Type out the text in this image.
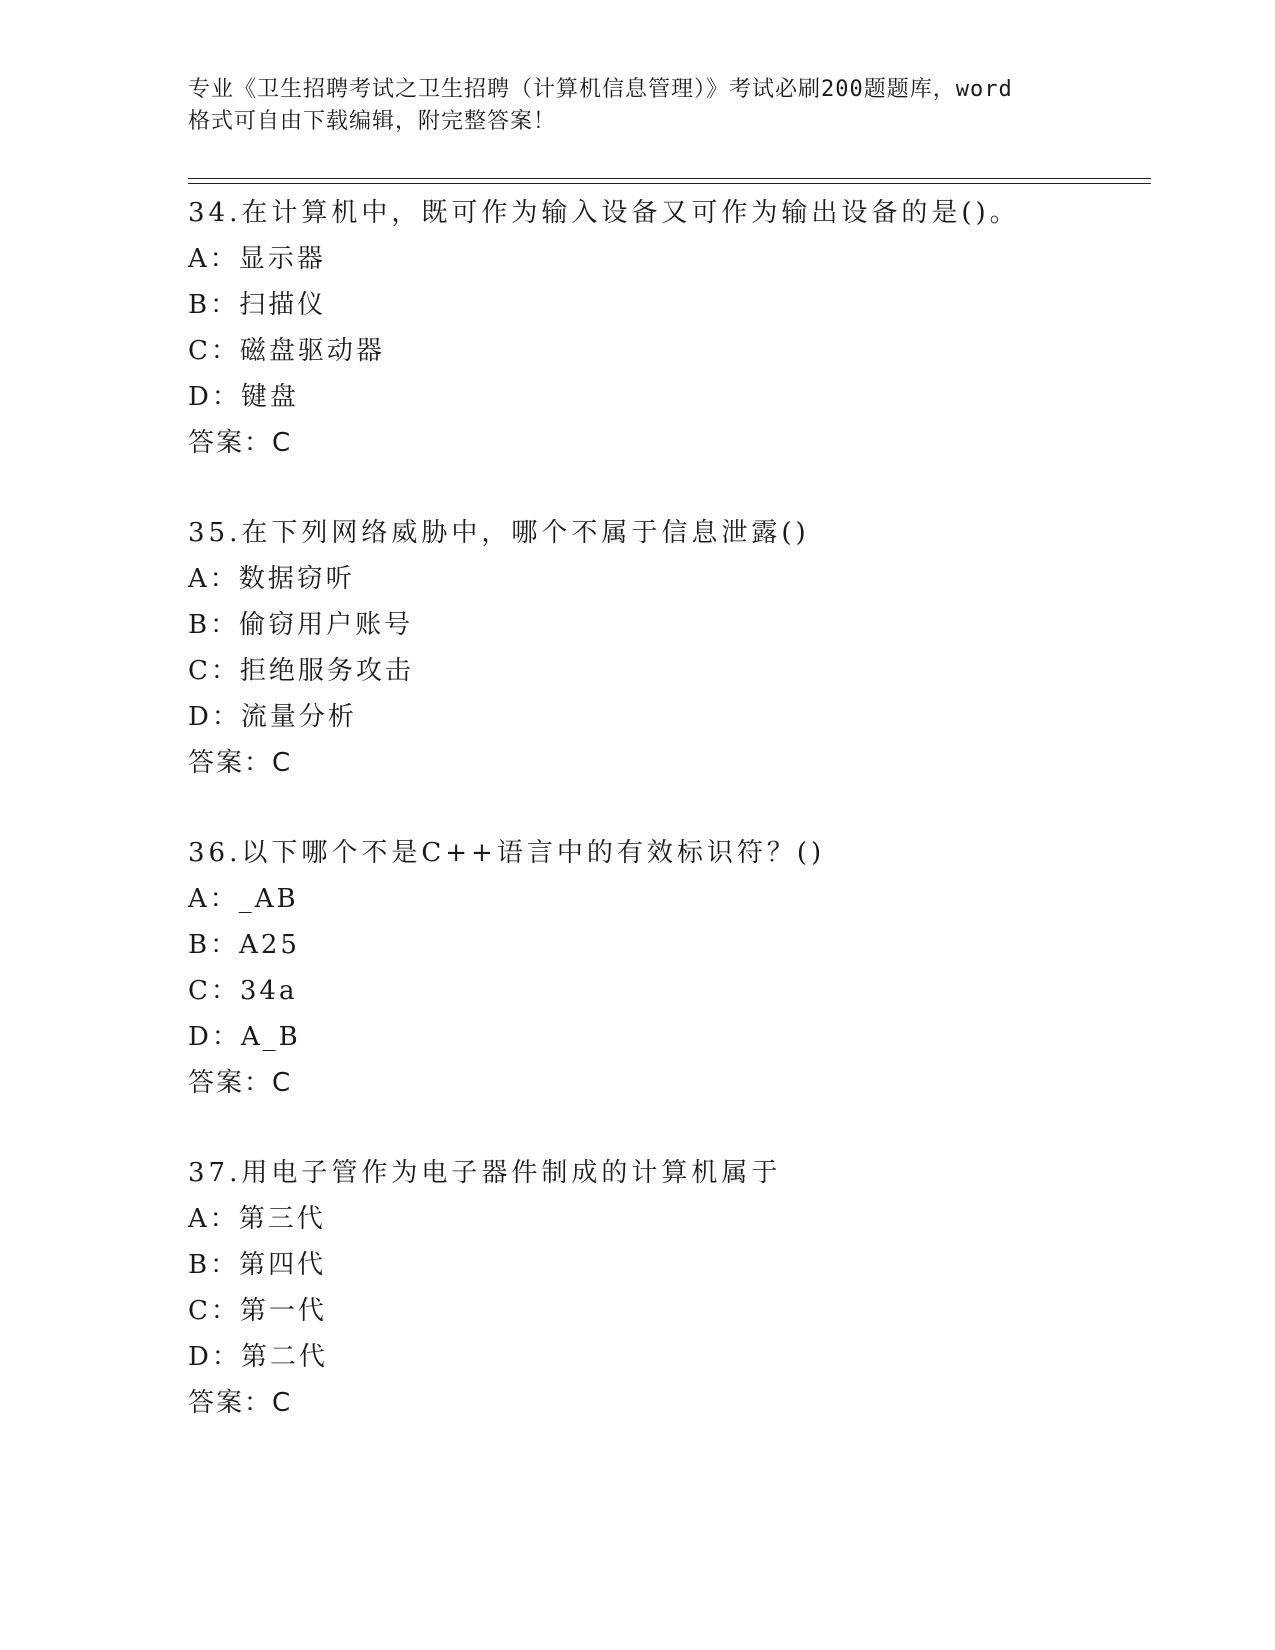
专业《卫生招聘考试之卫生招聘（计算机信息管理）》考试必刷200题题库，word
格式可自由下载编辑，附完整答案！

34.在计算机中，既可作为输入设备又可作为输出设备的是()。

A：显示器

B：扫描仪

C：磁盘驱动器

D：键盘

答案：C

35.在下列网络威胁中，哪个不属于信息泄露()

A：数据窃听

B：偷窃用户账号

C：拒绝服务攻击

D：流量分析

答案：C

36.以下哪个不是C++语言中的有效标识符？()

A：_AB

B：A25

C：34a

D：A_B

答案：C

37.用电子管作为电子器件制成的计算机属于

A：第三代

B：第四代

C：第一代

D：第二代

答案：C
